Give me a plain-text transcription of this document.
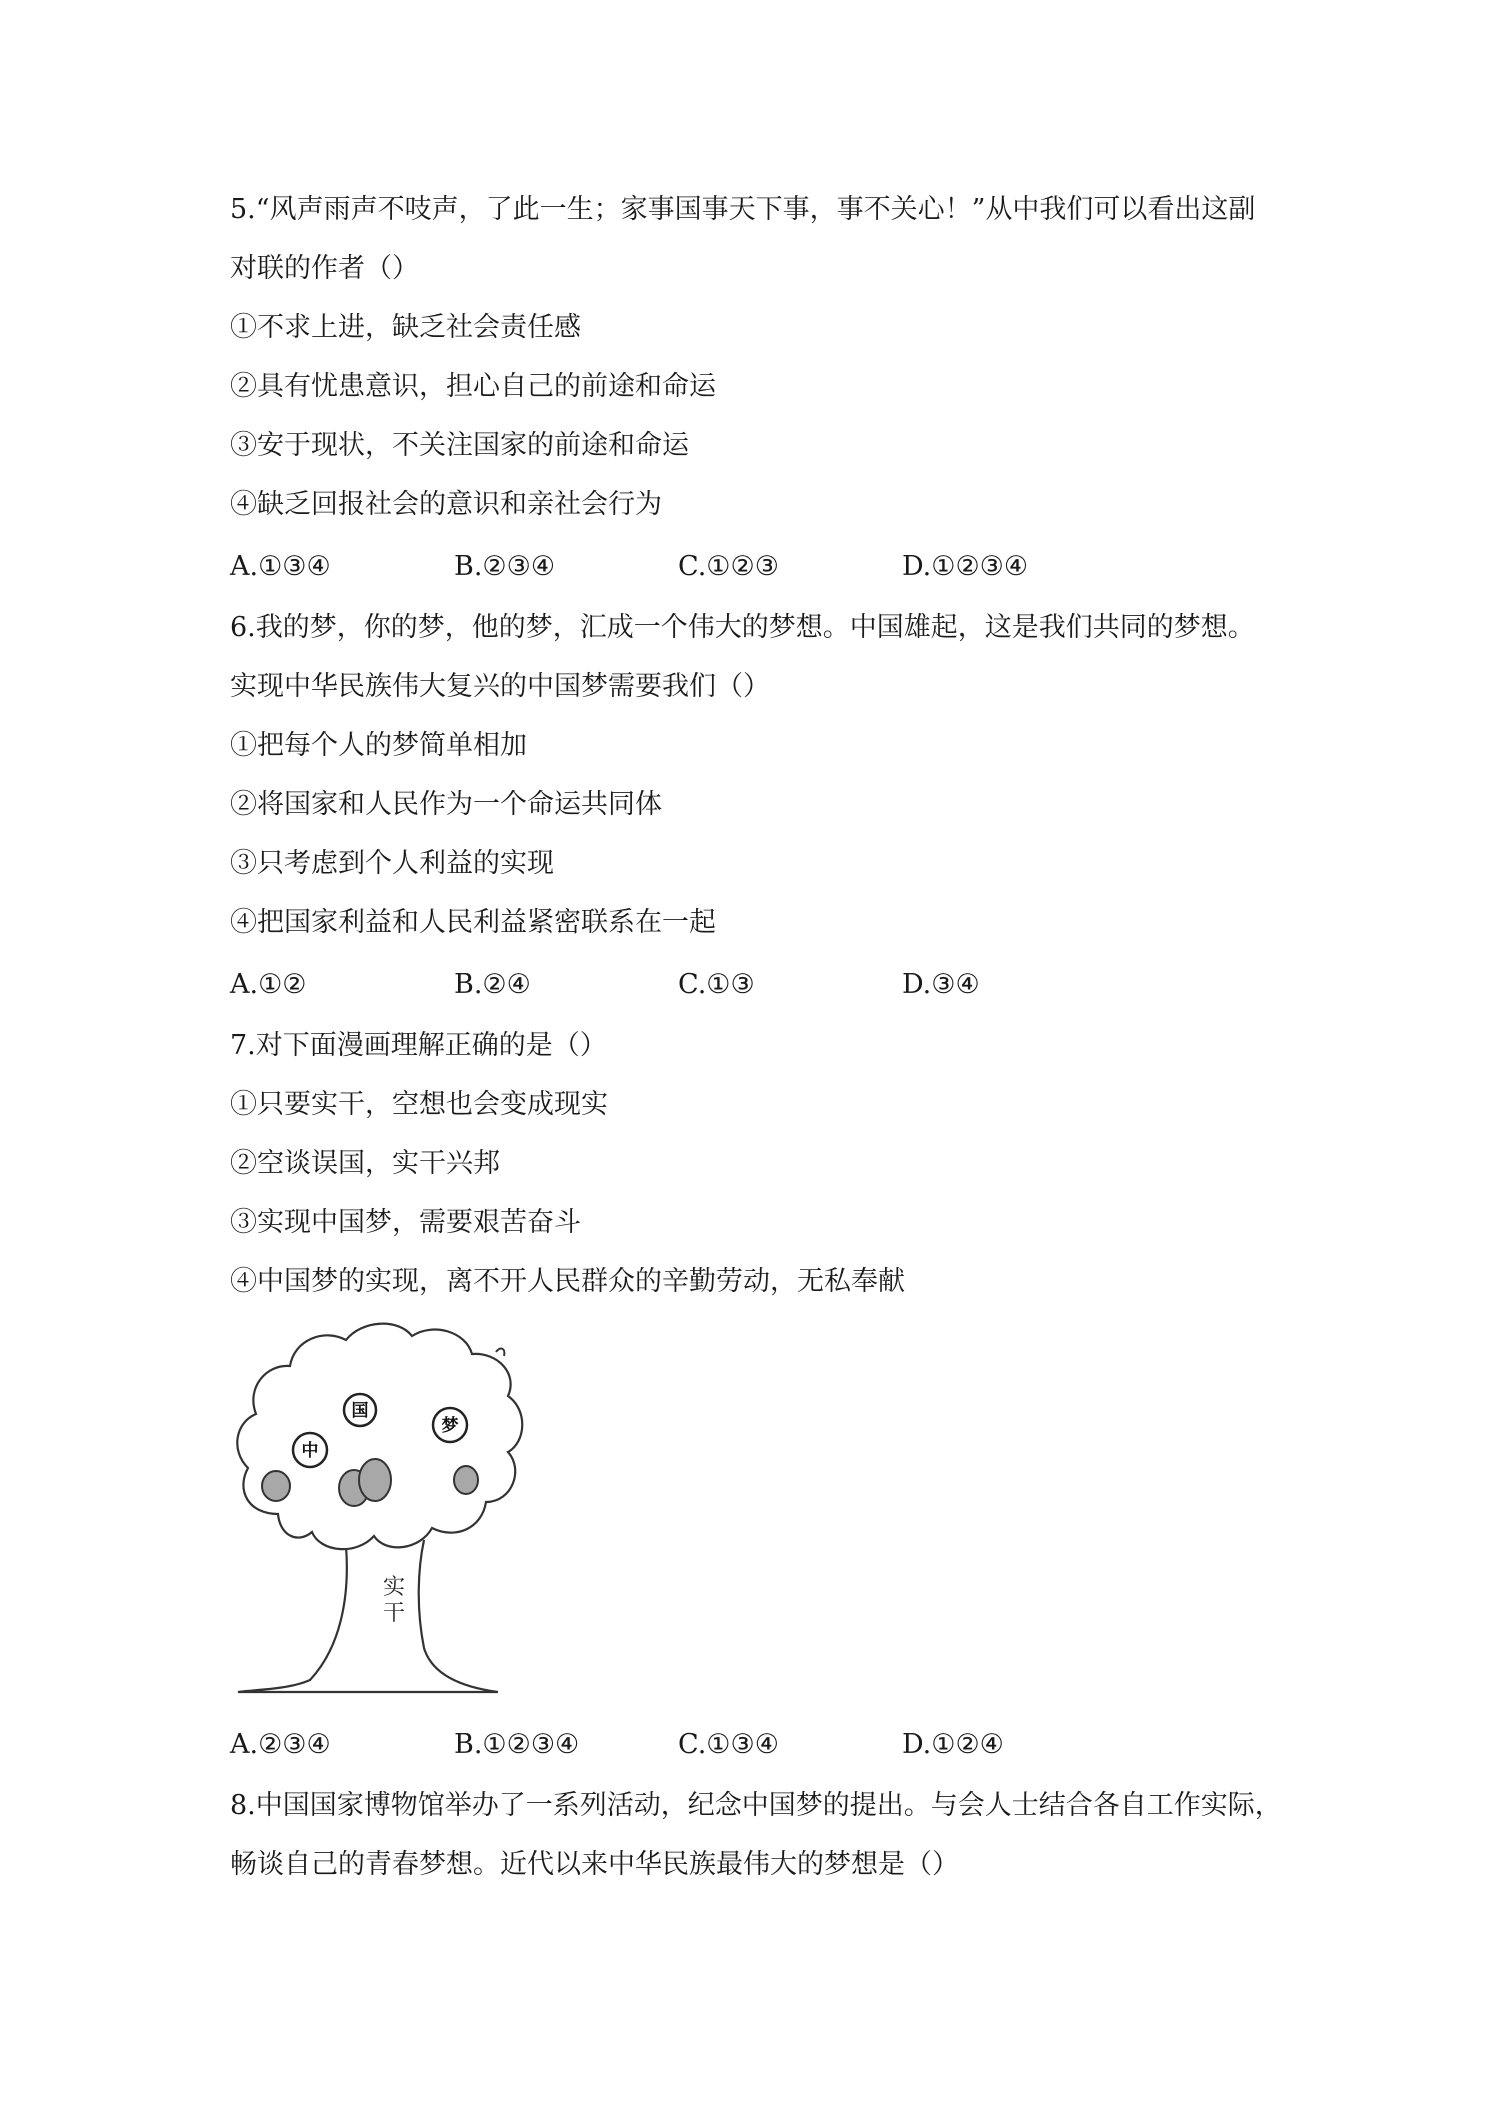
5.“风声雨声不吱声，了此一生；家事国事天下事，事不关心！”从中我们可以看出这副
对联的作者（）
①不求上进，缺乏社会责任感
②具有忧患意识，担心自己的前途和命运
③安于现状，不关注国家的前途和命运
④缺乏回报社会的意识和亲社会行为
A.①③④	B.②③④	C.①②③	D.①②③④
6.我的梦，你的梦，他的梦，汇成一个伟大的梦想。中国雄起，这是我们共同的梦想。
实现中华民族伟大复兴的中国梦需要我们（）
①把每个人的梦简单相加
②将国家和人民作为一个命运共同体
③只考虑到个人利益的实现
④把国家利益和人民利益紧密联系在一起
A.①②	B.②④	C.①③	D.③④
7.对下面漫画理解正确的是（）
①只要实干，空想也会变成现实
②空谈误国，实干兴邦
③实现中国梦，需要艰苦奋斗
④中国梦的实现，离不开人民群众的辛勤劳动，无私奉献
中
国
梦
实
干
A.②③④	B.①②③④	C.①③④	D.①②④
8.中国国家博物馆举办了一系列活动，纪念中国梦的提出。与会人士结合各自工作实际，
畅谈自己的青春梦想。近代以来中华民族最伟大的梦想是（）
